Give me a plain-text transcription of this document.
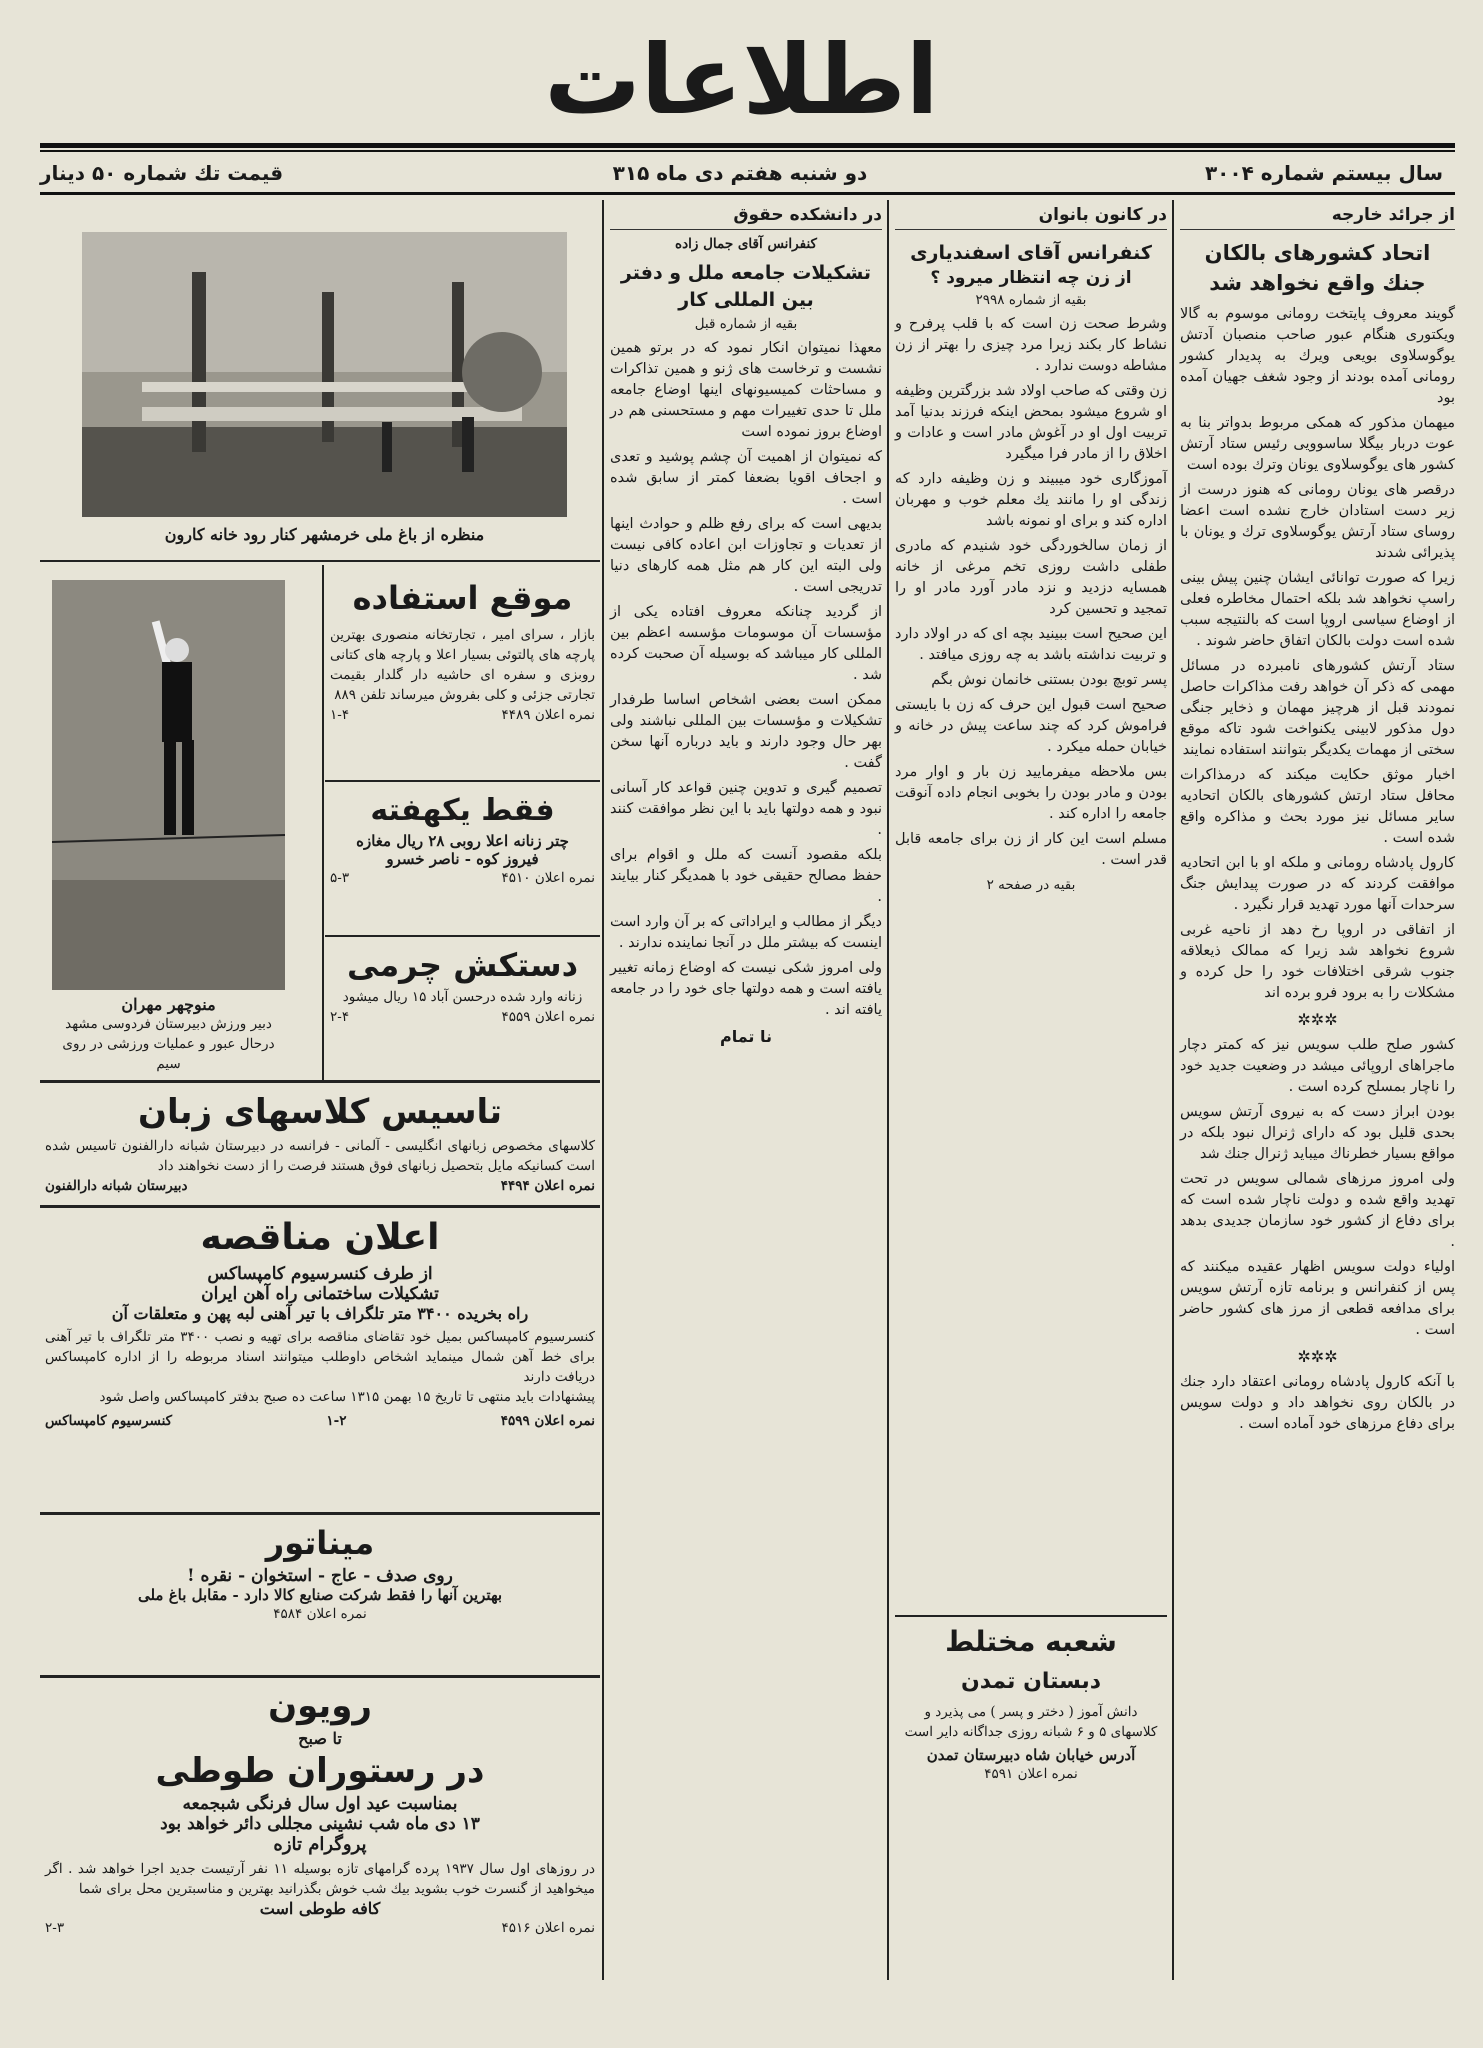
اطلاعات
سال بیستم شماره ۳۰۰۴
دو شنبه هفتم دی ماه ۳۱۵
قیمت تك شماره ۵۰ دینار
از جرائد خارجه
اتحاد کشورهای بالکان جنك واقع نخواهد شد

گویند معروف پایتخت رومانی موسوم به گالا ویکتوری هنگام عبور صاحب منصبان آدتش یوگوسلاوی بویعی ویرك به پدیدار کشور رومانی آمده بودند از وجود شغف جهیان آمده بود

میهمان مذکور که همکی مربوط بدواتر بنا به عوت دربار بیگلا ساسوویی رئیس ستاد آرتش کشور های یوگوسلاوی یونان وترك بوده است

درقصر های یونان رومانی که هنوز درست از زیر دست استادان خارج نشده است اعضا روسای ستاد آرتش یوگوسلاوی ترك و یونان با پذیرائی شدند

زیرا که صورت توانائی ایشان چنین پیش بینی راسپ نخواهد شد بلکه احتمال مخاطره فعلی از اوضاع سیاسی اروپا است که بالنتیجه سبب شده است دولت بالکان اتفاق حاضر شوند .

ستاد آرتش کشورهای نامبرده در مسائل مهمی که ذکر آن خواهد رفت مذاکرات حاصل نمودند قبل از هرچیز مهمان و ذخایر جنگی دول مذکور لابینی یکنواخت شود تاکه موقع سختی از مهمات یکدیگر بتوانند استفاده نمایند

اخبار موثق حکایت میکند که درمذاکرات محافل ستاد ارتش کشورهای بالکان اتحادیه سایر مسائل نیز مورد بحث و مذاکره واقع شده است .

کارول پادشاه رومانی و ملکه او با ابن اتحادیه موافقت کردند که در صورت پیدایش جنگ سرحدات آنها مورد تهدید قرار نگیرد .

از اتفاقی در اروپا رخ دهد از ناحیه غربی شروع نخواهد شد زیرا که ممالک ذیعلاقه جنوب شرقی اختلافات خود را حل کرده و مشکلات را به برود فرو برده اند

✲✲✲

کشور صلح طلب سویس نیز که کمتر دچار ماجراهای اروپائی میشد در وضعیت جدید خود را ناچار بمسلح کرده است .

بودن ابراز دست که به نیروی آرتش سویس بحدی قلیل بود که دارای ژنرال نبود بلکه در مواقع بسیار خطرناك میباید ژنرال جنك شد

ولی امروز مرزهای شمالی سویس در تحت تهدید واقع شده و دولت ناچار شده است که برای دفاع از کشور خود سازمان جدیدی بدهد .

اولیاء دولت سویس اظهار عقیده میکنند که پس از کنفرانس و برنامه تازه آرتش سویس برای مدافعه قطعی از مرز های کشور حاضر است .

✲✲✲

با آنکه کارول پادشاه رومانی اعتقاد دارد جنك در بالکان روی نخواهد داد و دولت سویس برای دفاع مرزهای خود آماده است .

در کانون بانوان
کنفرانس آقای اسفندیاری
از زن چه انتظار میرود ؟
بقیه از شماره ۲۹۹۸

وشرط صحت زن است که با قلب پرفرح و نشاط کار بکند زیرا مرد چیزی را بهتر از زن مشاطه دوست ندارد .

زن وقتی که صاحب اولاد شد بزرگترین وظیفه او شروع میشود بمحض اینکه فرزند بدنیا آمد تربیت اول او در آغوش مادر است و عادات و اخلاق را از مادر فرا میگیرد

آموزگاری خود میبیند و زن وظیفه دارد که زندگی او را مانند یك معلم خوب و مهربان اداره کند و برای او نمونه باشد

از زمان سالخوردگی خود شنیدم که مادری طفلی داشت روزی تخم مرغی از خانه همسایه دزدید و نزد مادر آورد مادر او را تمجید و تحسین کرد

این صحیح است ببینید بچه ای که در اولاد دارد و تربیت نداشته باشد به چه روزی میافتد .

پسر توبچ بودن بستنی خانمان نوش بگم

صحیح است قبول این حرف که زن با بایستی فراموش کرد که چند ساعت پیش در خانه و خیابان حمله میکرد .

بس ملاحظه میفرمایید زن بار و اوار مرد بودن و مادر بودن را بخوبی انجام داده آنوقت جامعه را اداره کند .

مسلم است این کار از زن برای جامعه قابل قدر است .

بقیه در صفحه ۲
شعبه مختلط
دبستان تمدن
دانش آموز ( دختر و پسر ) می پذیرد و کلاسهای ۵ و ۶ شبانه روزی جداگانه دایر است
آدرس خیابان شاه دبیرستان تمدن
نمره اعلان ۴۵۹۱
در دانشکده حقوق
کنفرانس آقای جمال زاده
تشکیلات جامعه ملل و دفتر بین المللی کار
بقیه از شماره قبل

معهذا نمیتوان انکار نمود که در برتو همین نشست و ترخاست های ژنو و همین تذاکرات و مساحثات کمیسیونهای اینها اوضاع جامعه ملل تا حدی تغییرات مهم و مستحسنی هم در اوضاع بروز نموده است

که نمیتوان از اهمیت آن چشم پوشید و تعدی و اجحاف اقویا بضعفا کمتر از سابق شده است .

بدیهی است که برای رفع ظلم و حوادث اینها از تعدیات و تجاوزات ابن اعاده کافی نیست ولی البته این کار هم مثل همه کارهای دنیا تدریجی است .

از گردید چنانکه معروف افتاده یکی از مؤسسات آن موسومات مؤسسه اعظم بین المللی کار میباشد که بوسیله آن صحبت کرده شد .

ممکن است بعضی اشخاص اساسا طرفدار تشکیلات و مؤسسات بین المللی نباشند ولی بهر حال وجود دارند و باید درباره آنها سخن گفت .

تصمیم گیری و تدوین چنین قواعد کار آسانی نبود و همه دولتها باید با این نظر موافقت کنند .

بلکه مقصود آنست که ملل و اقوام برای حفظ مصالح حقیقی خود با همدیگر کنار بیایند .

دیگر از مطالب و ایراداتی که بر آن وارد است اینست که بیشتر ملل در آنجا نماینده ندارند .

ولی امروز شکی نیست که اوضاع زمانه تغییر یافته است و همه دولتها جای خود را در جامعه یافته اند .

نا تمام
منظره از باغ ملی خرمشهر کنار رود خانه کارون
منوچهر مهران
دبیر ورزش دبیرستان فردوسی مشهد
درحال عبور و عملیات ورزشی در روی سیم
موقع استفاده
بازار ، سرای امیر ، تجارتخانه منصوری بهترین پارچه های پالتوئی بسیار اعلا و پارچه های کتانی روبزی و سفره ای حاشیه دار گلدار بقیمت تجارتی جزئی و کلی بفروش میرساند تلفن ۸۸۹
نمره اعلان ۴۴۸۹
۱-۴
فقط یکهفته
چتر زنانه اعلا روبی ۲۸ ریال مغازه
فیروز کوه - ناصر خسرو
نمره اعلان ۴۵۱۰
۵-۳
دستکش چرمی
زنانه وارد شده درحسن آباد ۱۵ ریال میشود
نمره اعلان ۴۵۵۹
۲-۴
تاسیس کلاسهای زبان
کلاسهای مخصوص زبانهای انگلیسی - آلمانی - فرانسه در دبیرستان شبانه دارالفنون تاسیس شده است کسانیکه مایل بتحصیل زبانهای فوق هستند فرصت را از دست نخواهند داد
نمره اعلان ۴۴۹۴
دبیرستان شبانه دارالفنون
اعلان مناقصه
از طرف کنسرسیوم کامپساکس
تشکیلات ساختمانی راه آهن ایران
راه بخریده ۳۴۰۰ متر تلگراف با تیر آهنی لبه پهن و متعلقات آن
کنسرسیوم کامپساکس بمیل خود تقاضای مناقصه برای تهیه و نصب ۳۴۰۰ متر تلگراف با تیر آهنی برای خط آهن شمال مینماید اشخاص داوطلب میتوانند اسناد مربوطه را از اداره کامپساکس دریافت دارند
پیشنهادات باید منتهی تا تاریخ ۱۵ بهمن ۱۳۱۵ ساعت ده صبح بدفتر کامپساکس واصل شود
نمره اعلان ۴۵۹۹
۱-۲
کنسرسیوم کامپساکس
میناتور
روی صدف - عاج - استخوان - نقره !
بهترین آنها را فقط شرکت صنایع کالا دارد - مقابل باغ ملی
نمره اعلان ۴۵۸۴
رویون
تا صبح
در رستوران طوطی
بمناسبت عید اول سال فرنگی شبجمعه
۱۳ دی ماه شب نشینی مجللی دائر خواهد بود
پروگرام تازه
در روزهای اول سال ۱۹۳۷ پرده گرامهای تازه بوسیله ۱۱ نفر آرتیست جدید اجرا خواهد شد . اگر میخواهید از گنسرت خوب بشوید بیك شب خوش بگذرانید بهترین و مناسبترین محل برای شما
کافه طوطی است
نمره اعلان ۴۵۱۶
۲-۳
